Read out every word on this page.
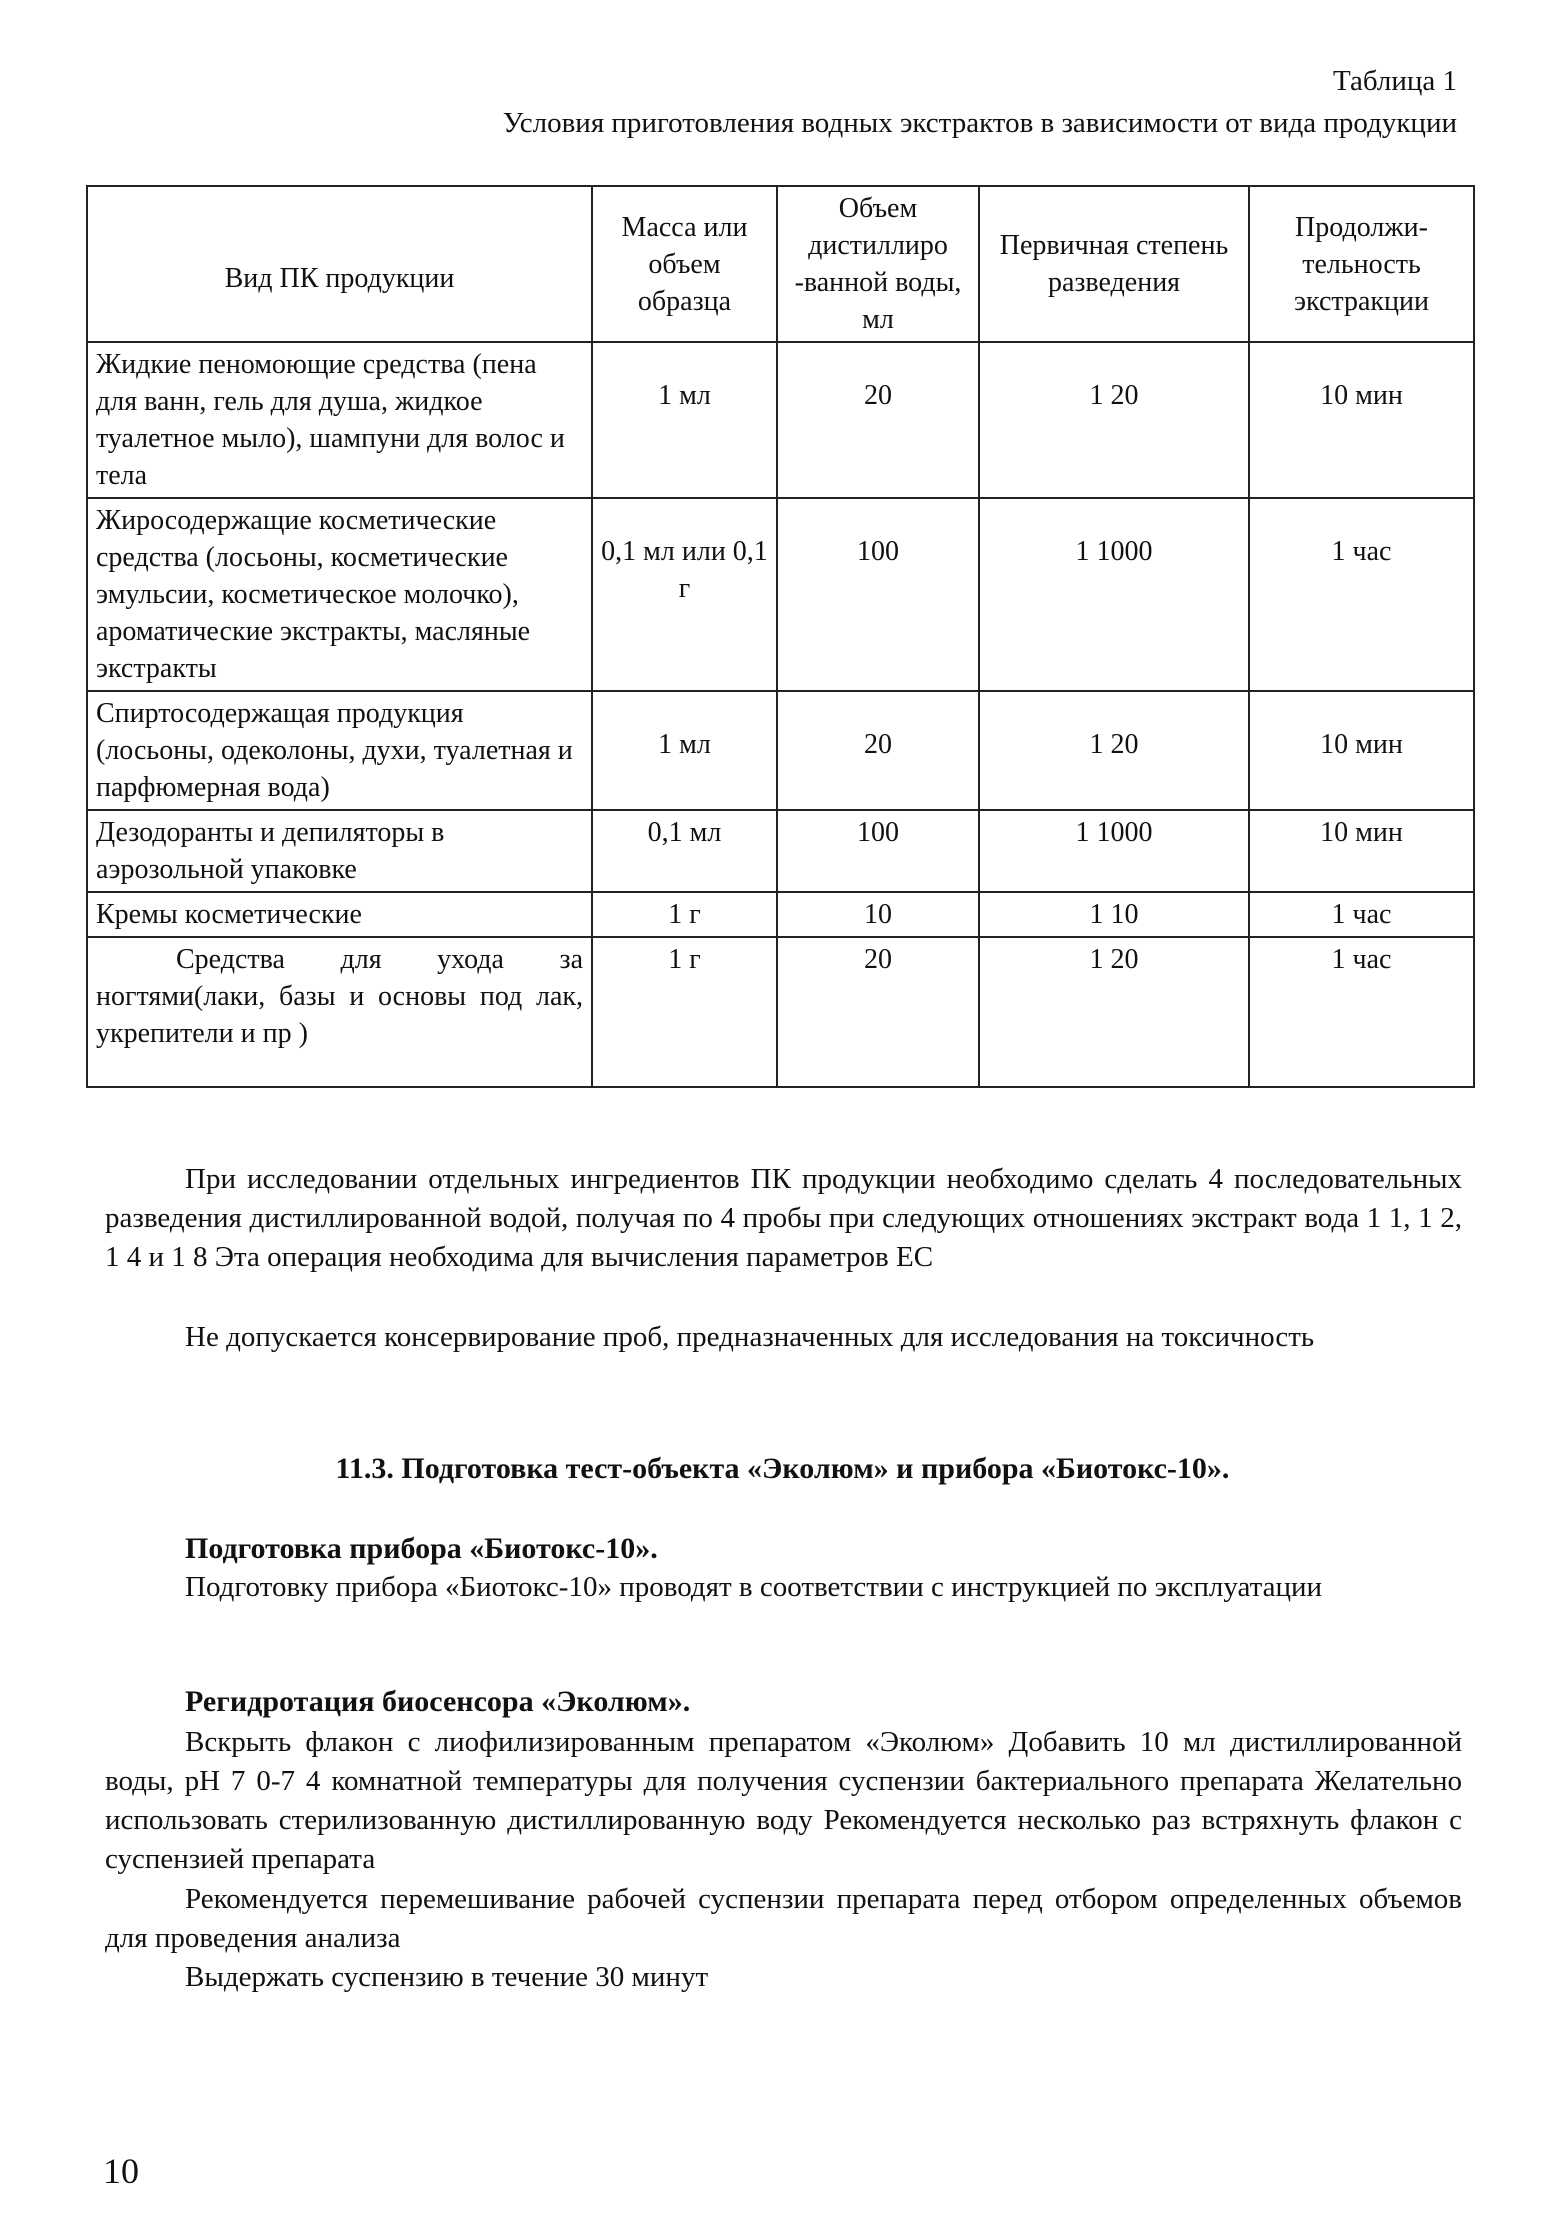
Таблица 1
Условия приготовления водных экстрактов в зависимости от вида продукции
Вид ПК продукции	Масса или объем образца	Объем дистиллиро -ванной воды, мл	Первичная степень разведения	Продолжи- тельность экстракции
Жидкие пеномоющие средства (пена для ванн, гель для душа, жидкое туалетное мыло), шампуни для волос и тела	1 мл	20	1 20	10 мин
Жиросодержащие косметические средства (лосьоны, косметические эмульсии, косметическое молочко), ароматические экстракты, масляные экстракты	0,1 мл или 0,1 г	100	1 1000	1 час
Спиртосодержащая продукция (лосьоны, одеколоны, духи, туалетная и парфюмерная вода)	1 мл	20	1 20	10 мин
Дезодоранты и депиляторы в аэрозольной упаковке	0,1 мл	100	1 1000	10 мин
Кремы косметические	1 г	10	1 10	1 час
Средства для ухода за ногтями(лаки, базы и основы под лак, укрепители и пр )	1 г	20	1 20	1 час

При исследовании отдельных ингредиентов ПК продукции необходимо сделать 4 последовательных разведения дистиллированной водой, получая по 4 пробы при следующих отношениях экстракт вода 1 1, 1 2, 1 4 и 1 8 Эта операция необходима для вычисления параметров ЕС

Не допускается консервирование проб, предназначенных для исследования на токсичность

11.3. Подготовка тест-объекта «Эколюм» и прибора «Биотокс-10».
Подготовка прибора «Биотокс-10».

Подготовку прибора «Биотокс-10» проводят в соответствии с инструкцией по эксплуатации

Регидротация биосенсора «Эколюм».

Вскрыть флакон с лиофилизированным препаратом «Эколюм» Добавить 10 мл дистиллированной воды, pH 7 0-7 4 комнатной температуры для получения суспензии бактериального препарата Желательно использовать стерилизованную дистиллированную воду Рекомендуется несколько раз встряхнуть флакон с суспензией препарата

Рекомендуется перемешивание рабочей суспензии препарата перед отбором определенных объемов для проведения анализа

Выдержать суспензию в течение 30 минут

10
